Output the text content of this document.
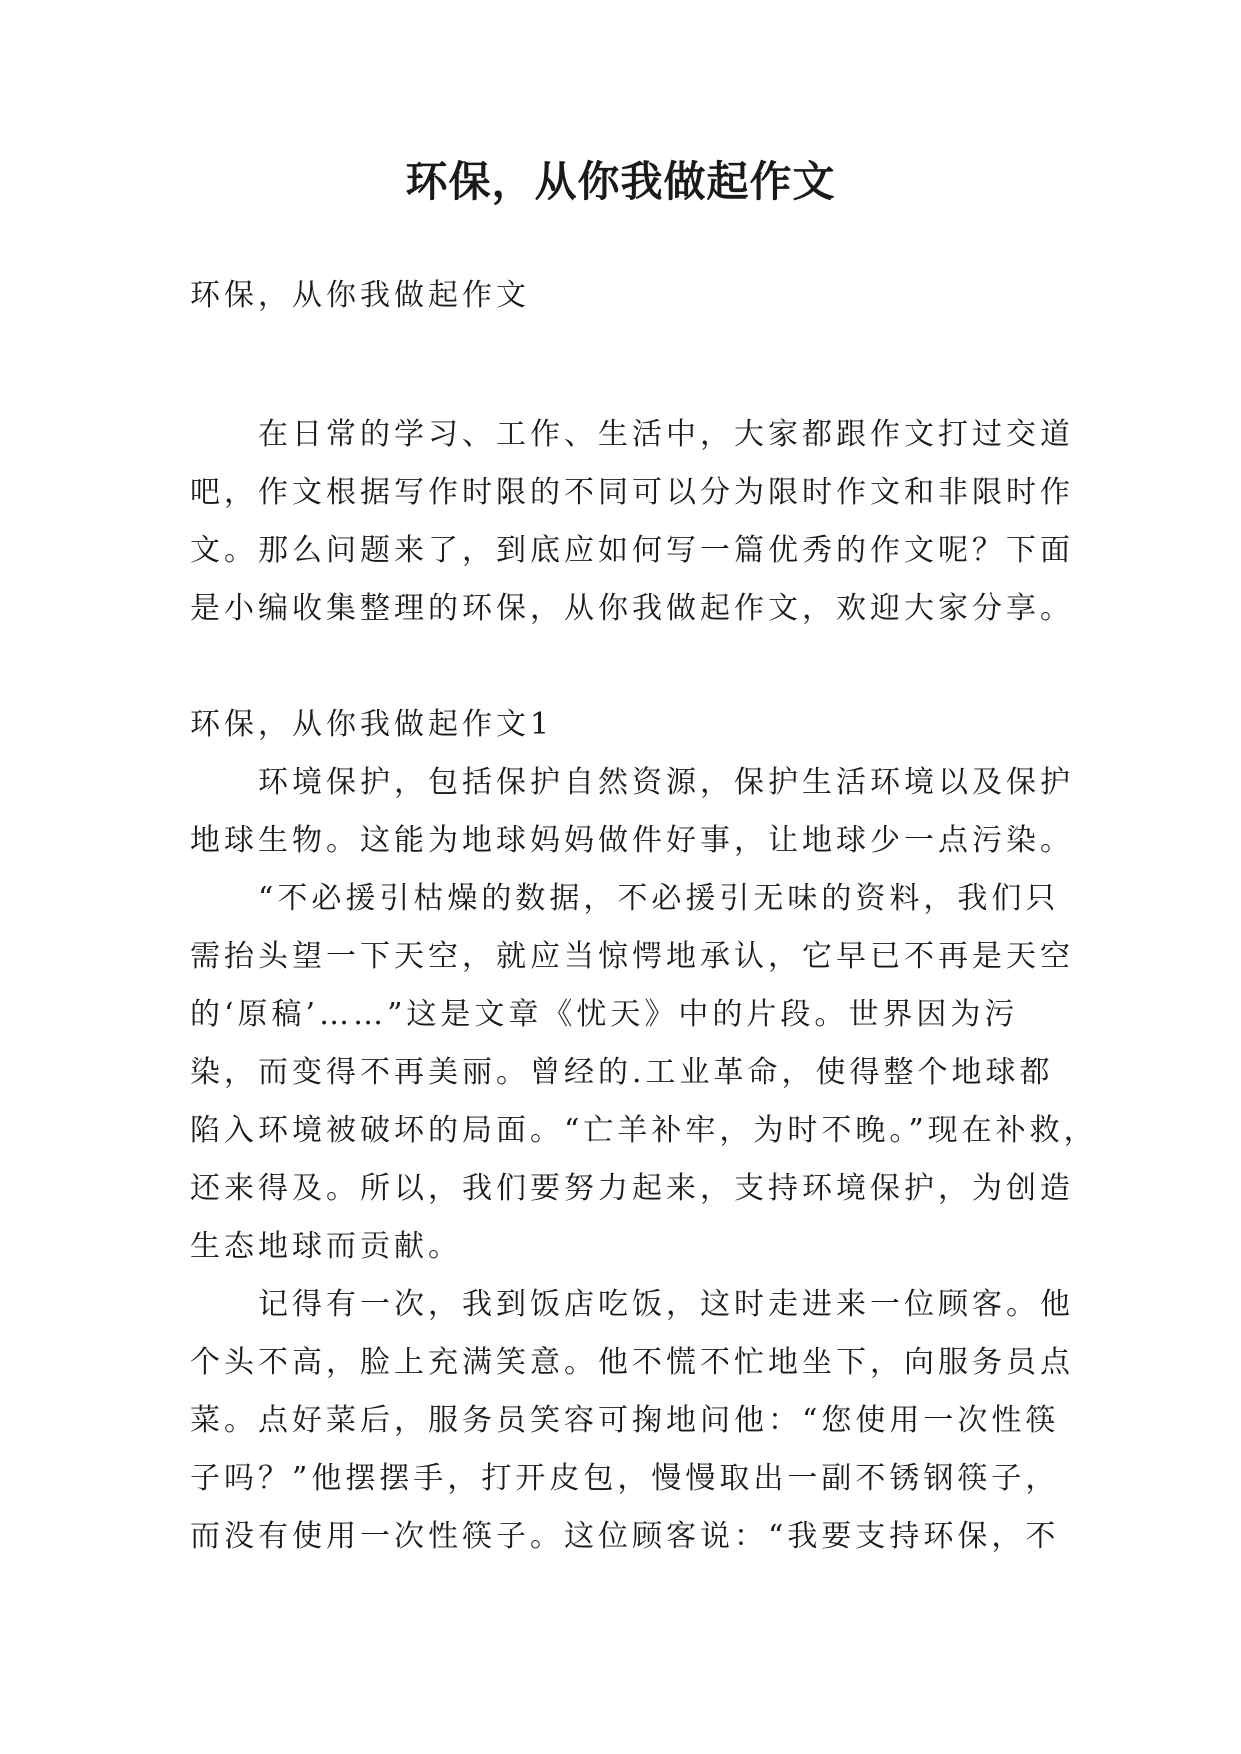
环保，从你我做起作文
环保，从你我做起作文
　　在日常的学习、工作、生活中，大家都跟作文打过交道
吧，作文根据写作时限的不同可以分为限时作文和非限时作
文。那么问题来了，到底应如何写一篇优秀的作文呢？下面
是小编收集整理的环保，从你我做起作文，欢迎大家分享。
环保，从你我做起作文1
　　环境保护，包括保护自然资源，保护生活环境以及保护
地球生物。这能为地球妈妈做件好事，让地球少一点污染。
　　“不必援引枯燥的数据，不必援引无味的资料，我们只
需抬头望一下天空，就应当惊愕地承认，它早已不再是天空
的‘原稿’……”这是文章《忧天》中的片段。世界因为污
染，而变得不再美丽。曾经的.工业革命，使得整个地球都
陷入环境被破坏的局面。“亡羊补牢，为时不晚。”现在补救，
还来得及。所以，我们要努力起来，支持环境保护，为创造
生态地球而贡献。
　　记得有一次，我到饭店吃饭，这时走进来一位顾客。他
个头不高，脸上充满笑意。他不慌不忙地坐下，向服务员点
菜。点好菜后，服务员笑容可掬地问他：“您使用一次性筷
子吗？”他摆摆手，打开皮包，慢慢取出一副不锈钢筷子，
而没有使用一次性筷子。这位顾客说：“我要支持环保，不
